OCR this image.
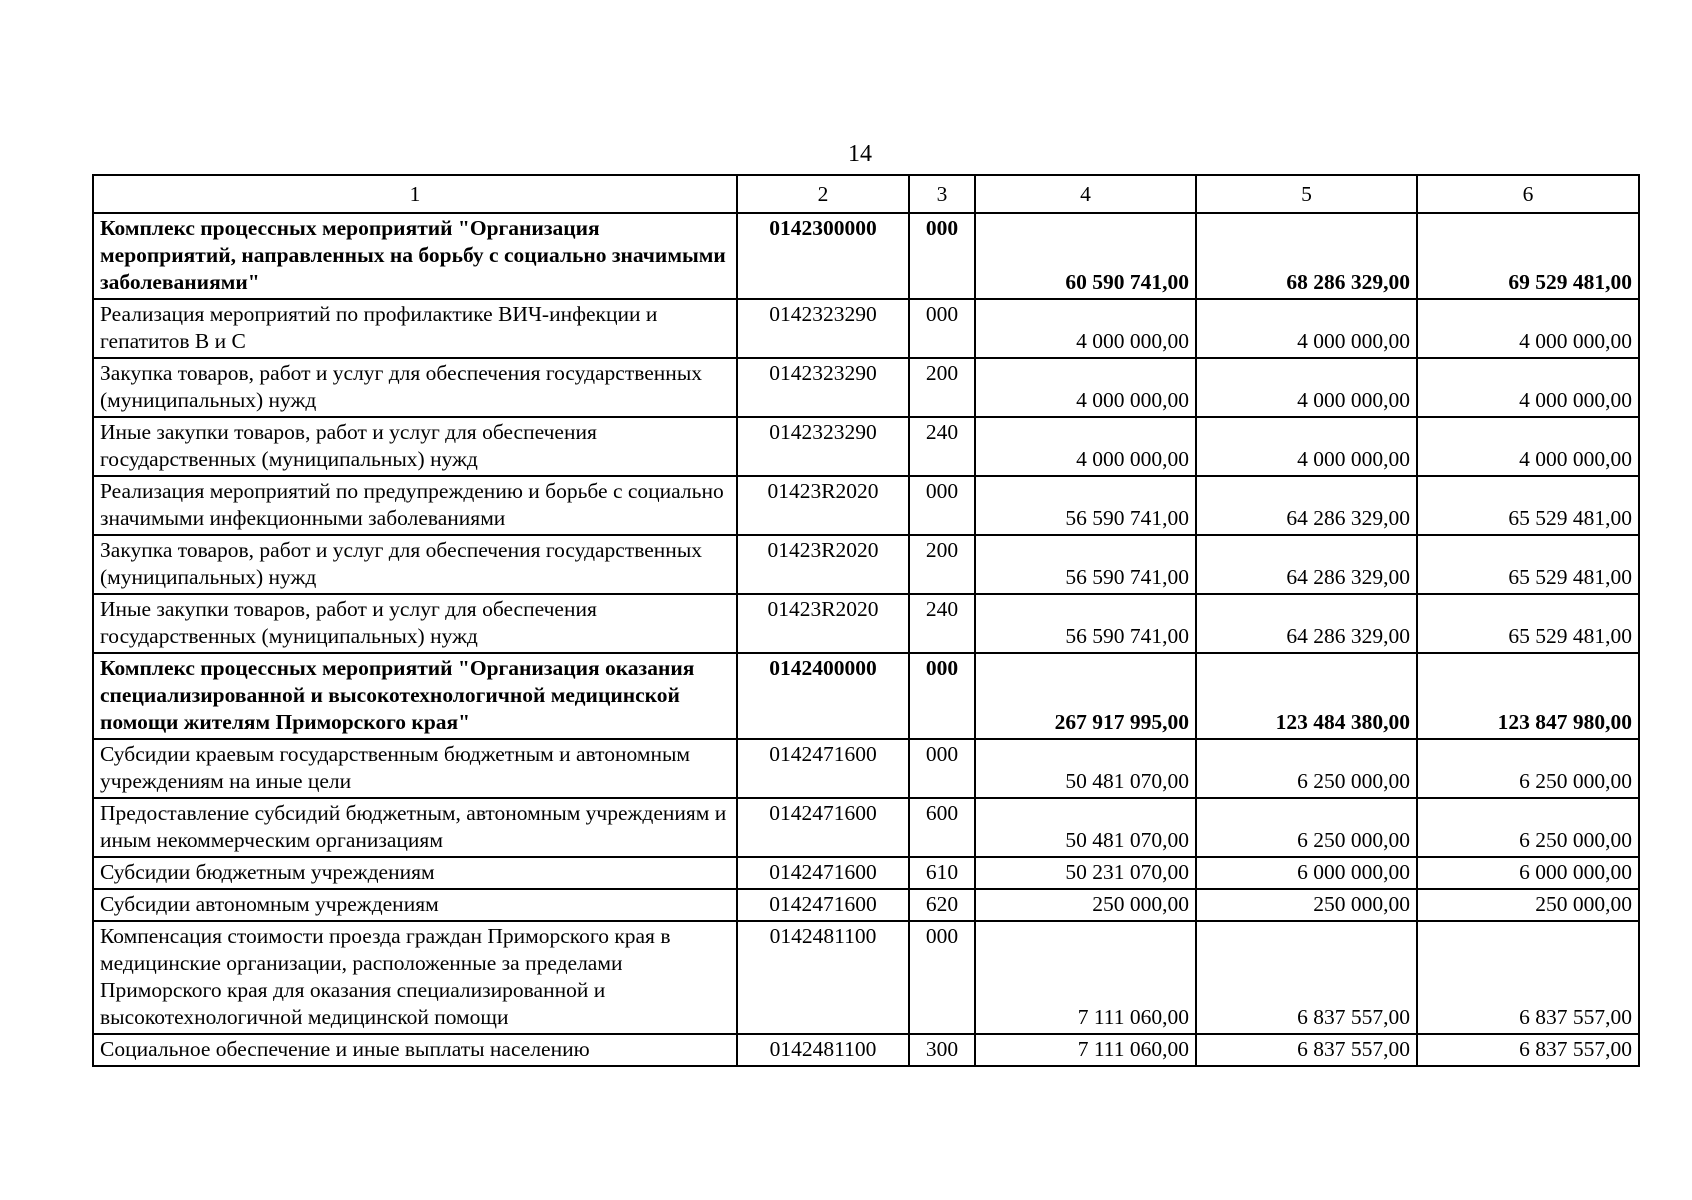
14
1	2	3	4	5	6
Комплекс процессных мероприятий "Организация мероприятий, направленных на борьбу с социально значимыми заболеваниями"	0142300000	000	60 590 741,00	68 286 329,00	69 529 481,00
Реализация мероприятий по профилактике ВИЧ-инфекции и гепатитов В и С	0142323290	000	4 000 000,00	4 000 000,00	4 000 000,00
Закупка товаров, работ и услуг для обеспечения государственных (муниципальных) нужд	0142323290	200	4 000 000,00	4 000 000,00	4 000 000,00
Иные закупки товаров, работ и услуг для обеспечения государственных (муниципальных) нужд	0142323290	240	4 000 000,00	4 000 000,00	4 000 000,00
Реализация мероприятий по предупреждению и борьбе с социально значимыми инфекционными заболеваниями	01423R2020	000	56 590 741,00	64 286 329,00	65 529 481,00
Закупка товаров, работ и услуг для обеспечения государственных (муниципальных) нужд	01423R2020	200	56 590 741,00	64 286 329,00	65 529 481,00
Иные закупки товаров, работ и услуг для обеспечения государственных (муниципальных) нужд	01423R2020	240	56 590 741,00	64 286 329,00	65 529 481,00
Комплекс процессных мероприятий "Организация оказания специализированной и высокотехнологичной медицинской помощи жителям Приморского края"	0142400000	000	267 917 995,00	123 484 380,00	123 847 980,00
Субсидии краевым государственным бюджетным и автономным учреждениям на иные цели	0142471600	000	50 481 070,00	6 250 000,00	6 250 000,00
Предоставление субсидий бюджетным, автономным учреждениям и иным некоммерческим организациям	0142471600	600	50 481 070,00	6 250 000,00	6 250 000,00
Субсидии бюджетным учреждениям	0142471600	610	50 231 070,00	6 000 000,00	6 000 000,00
Субсидии автономным учреждениям	0142471600	620	250 000,00	250 000,00	250 000,00
Компенсация стоимости проезда граждан Приморского края в медицинские организации, расположенные за пределами Приморского края для оказания специализированной и высокотехнологичной медицинской помощи	0142481100	000	7 111 060,00	6 837 557,00	6 837 557,00
Социальное обеспечение и иные выплаты населению	0142481100	300	7 111 060,00	6 837 557,00	6 837 557,00
